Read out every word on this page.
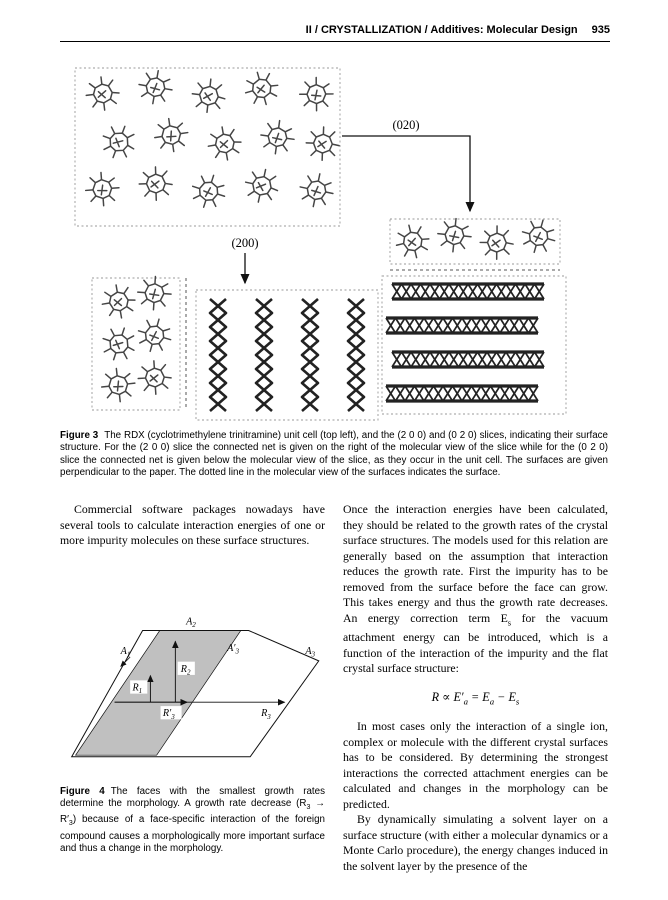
II / CRYSTALLIZATION / Additives: Molecular Design 935
(200)
(020)

Figure 3 The RDX (cyclotrimethylene trinitramine) unit cell (top left), and the (2 0 0) and (0 2 0) slices, indicating their surface structure. For the (2 0 0) slice the connected net is given on the right of the molecular view of the slice while for the (0 2 0) slice the connected net is given below the molecular view of the slice, as they occur in the unit cell. The surfaces are given perpendicular to the paper. The dotted line in the molecular view of the surfaces indicates the surface.

Commercial software packages nowadays have several tools to calculate interaction energies of one or more impurity molecules on these surface structures.

$A_2$
$A_1$	$A_3$
$A'_3$
$R_2$
$R_1$
$R'_3$	$R_3$

Figure 4 The faces with the smallest growth rates determine the morphology. A growth rate decrease $(R_3 \to R'_3)$ because of a face-specific interaction of the foreign compound causes a morphologically more important surface and thus a change in the morphology.

Once the interaction energies have been calculated, they should be related to the growth rates of the crystal surface structures. The models used for this relation are generally based on the assumption that interaction reduces the growth rate. First the impurity has to be removed from the surface before the face can grow. This takes energy and thus the growth rate decreases. An energy correction term $E_s$ for the vacuum attachment energy can be introduced, which is a function of the interaction of the impurity and the flat crystal surface structure:

$R \propto E'_a = E_a - E_s$

In most cases only the interaction of a single ion, complex or molecule with the different crystal surfaces has to be considered. By determining the strongest interactions the corrected attachment energies can be calculated and changes in the morphology can be predicted.

By dynamically simulating a solvent layer on a surface structure (with either a molecular dynamics or a Monte Carlo procedure), the energy changes induced in the solvent layer by the presence of the
